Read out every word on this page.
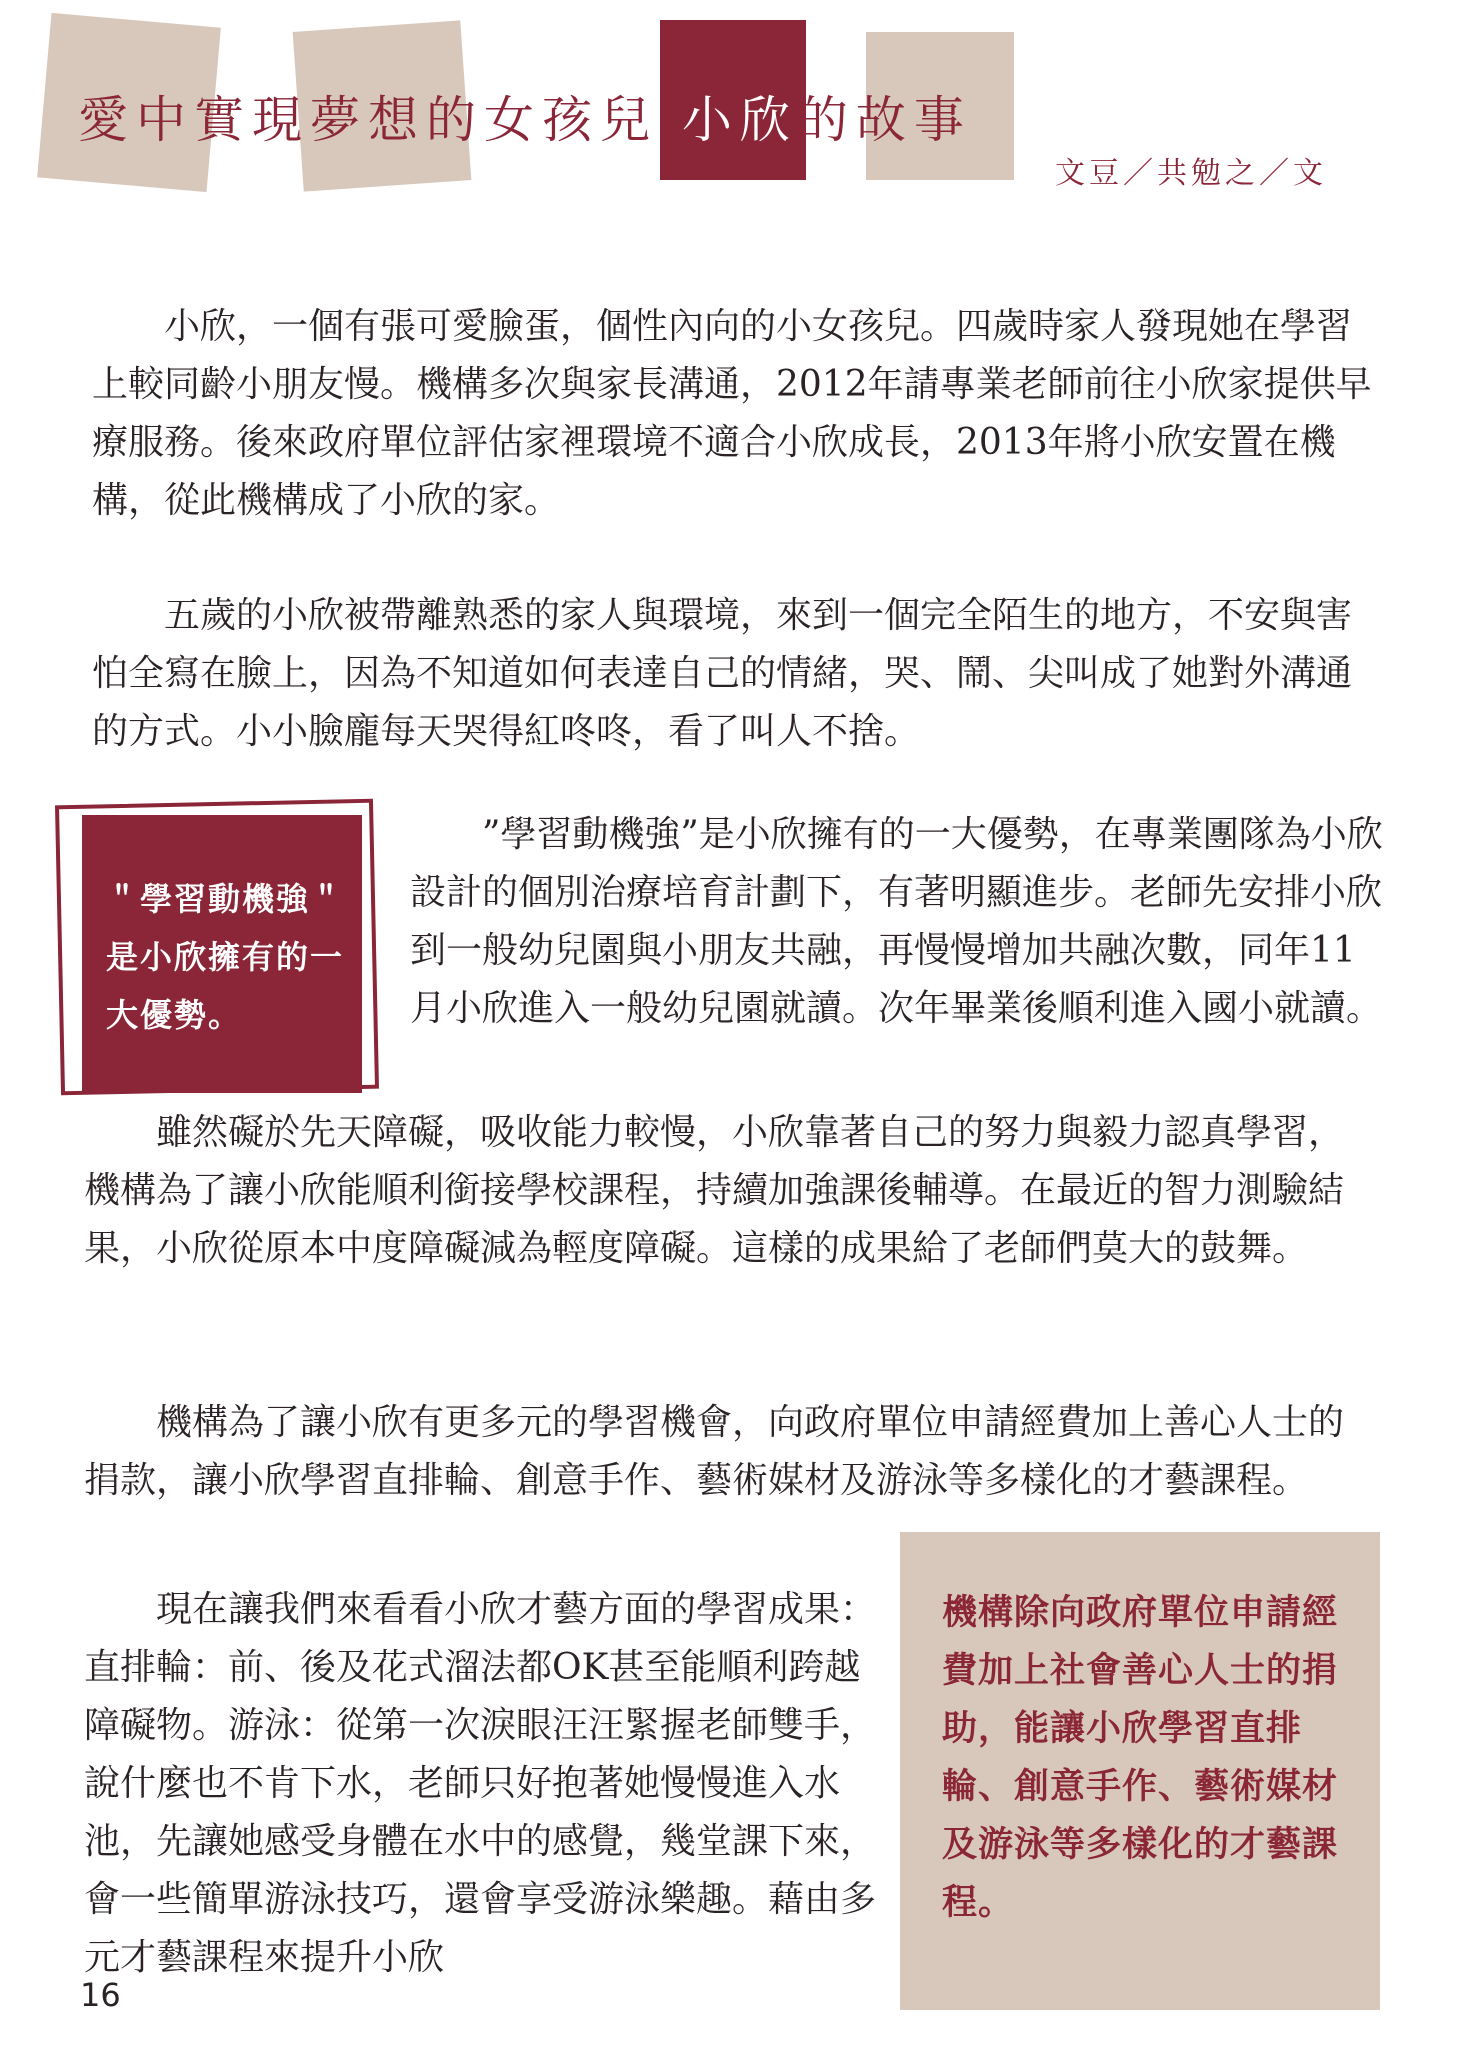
愛中實現夢想的女孩兒 小欣的故事

文豆／共勉之／文

小欣，一個有張可愛臉蛋，個性內向的小女孩兒。四歲時家人發現她在學習上較同齡小朋友慢。機構多次與家長溝通，2012年請專業老師前往小欣家提供早療服務。後來政府單位評估家裡環境不適合小欣成長，2013年將小欣安置在機構，從此機構成了小欣的家。

五歲的小欣被帶離熟悉的家人與環境，來到一個完全陌生的地方，不安與害怕全寫在臉上，因為不知道如何表達自己的情緒，哭、鬧、尖叫成了她對外溝通的方式。小小臉龐每天哭得紅咚咚，看了叫人不捨。

＂學習動機強＂是小欣擁有的一大優勢。

”學習動機強”是小欣擁有的一大優勢，在專業團隊為小欣設計的個別治療培育計劃下，有著明顯進步。老師先安排小欣到一般幼兒園與小朋友共融，再慢慢增加共融次數，同年11月小欣進入一般幼兒園就讀。次年畢業後順利進入國小就讀。

雖然礙於先天障礙，吸收能力較慢，小欣靠著自己的努力與毅力認真學習，機構為了讓小欣能順利銜接學校課程，持續加強課後輔導。在最近的智力測驗結果，小欣從原本中度障礙減為輕度障礙。這樣的成果給了老師們莫大的鼓舞。

機構為了讓小欣有更多元的學習機會，向政府單位申請經費加上善心人士的捐款，讓小欣學習直排輪、創意手作、藝術媒材及游泳等多樣化的才藝課程。

現在讓我們來看看小欣才藝方面的學習成果：直排輪：前、後及花式溜法都OK甚至能順利跨越障礙物。游泳：從第一次淚眼汪汪緊握老師雙手，說什麼也不肯下水，老師只好抱著她慢慢進入水池，先讓她感受身體在水中的感覺，幾堂課下來，會一些簡單游泳技巧，還會享受游泳樂趣。藉由多元才藝課程來提升小欣

機構除向政府單位申請經費加上社會善心人士的捐助，能讓小欣學習直排輪、創意手作、藝術媒材及游泳等多樣化的才藝課程。

16
